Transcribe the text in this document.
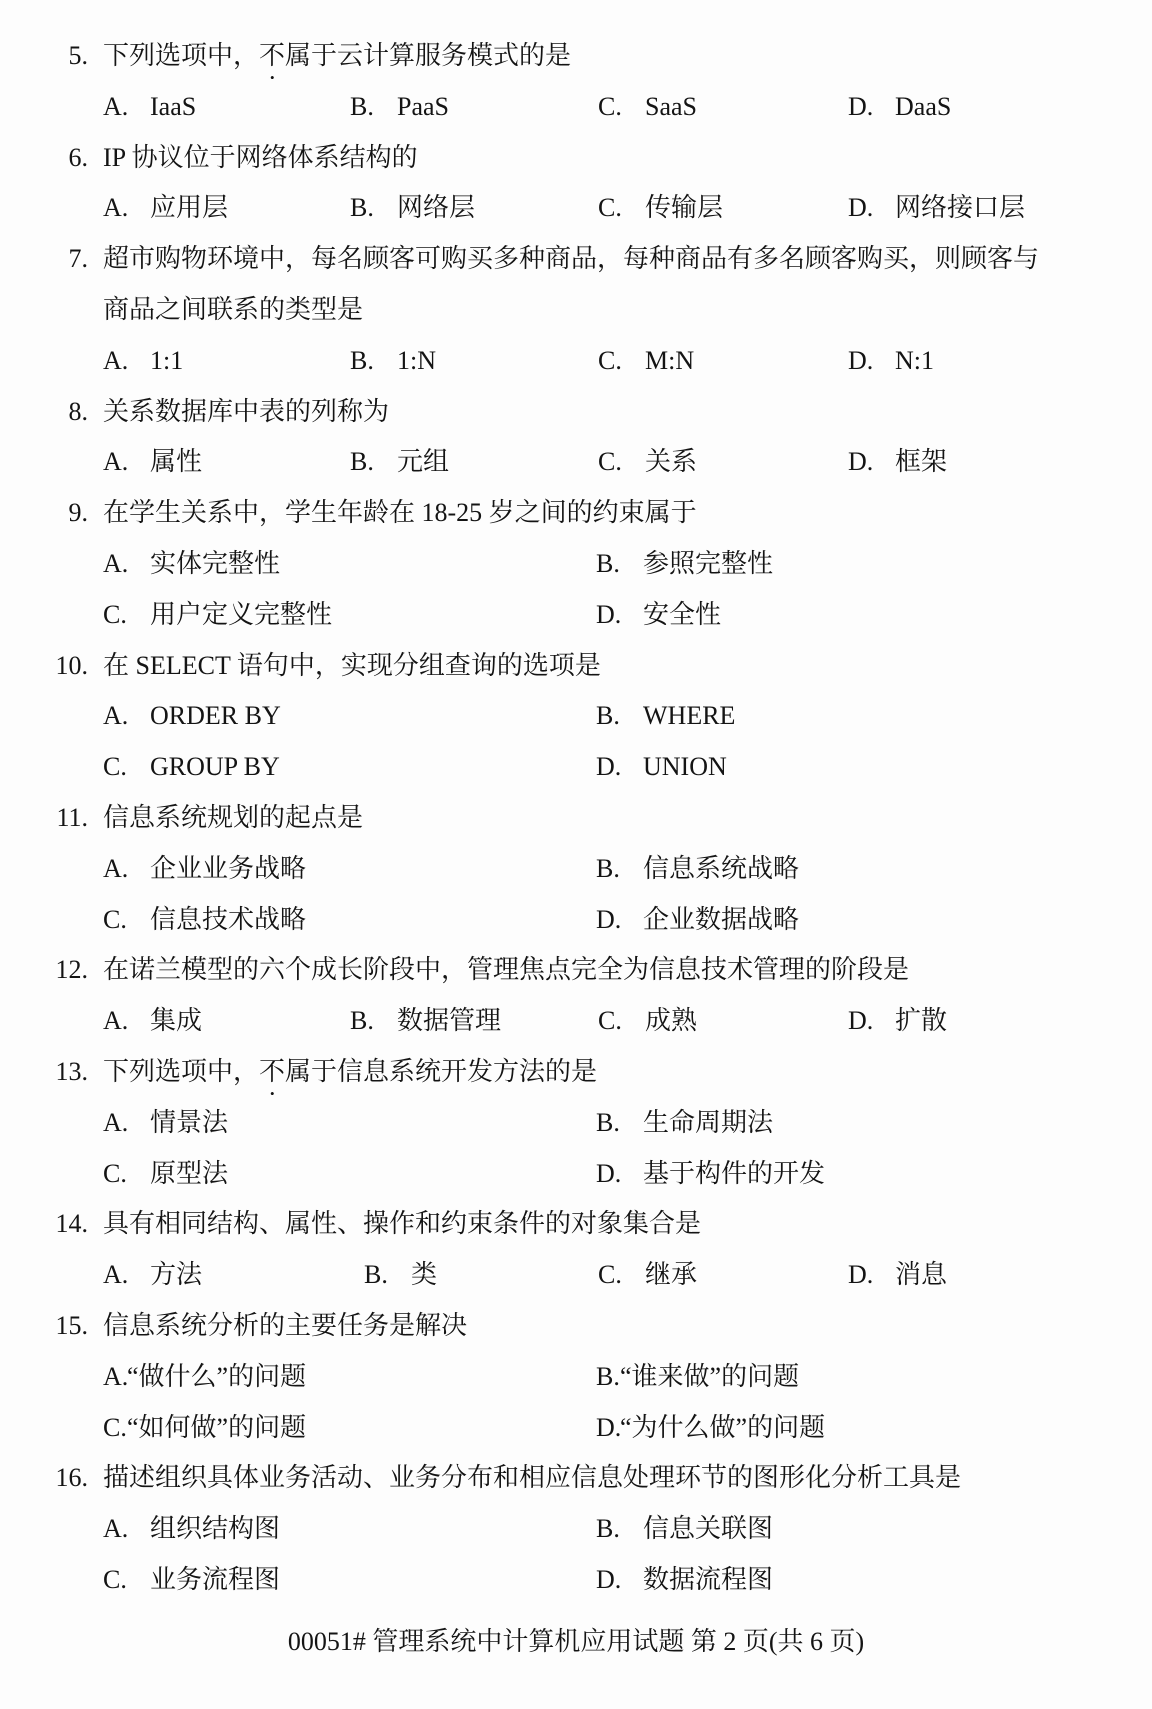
5. 下列选项中，不属于云计算服务模式的是
A. IaaS	B. PaaS	C. SaaS	D. DaaS
6. IP 协议位于网络体系结构的
A. 应用层	B. 网络层	C. 传输层	D. 网络接口层
7. 超市购物环境中，每名顾客可购买多种商品，每种商品有多名顾客购买，则顾客与
商品之间联系的类型是
A. 1:1	B. 1:N	C. M:N	D. N:1
8. 关系数据库中表的列称为
A. 属性	B. 元组	C. 关系	D. 框架
9. 在学生关系中，学生年龄在 18-25 岁之间的约束属于
A. 实体完整性	B. 参照完整性
C. 用户定义完整性	D. 安全性
10. 在 SELECT 语句中，实现分组查询的选项是
A. ORDER BY	B. WHERE
C. GROUP BY	D. UNION
11. 信息系统规划的起点是
A. 企业业务战略	B. 信息系统战略
C. 信息技术战略	D. 企业数据战略
12. 在诺兰模型的六个成长阶段中，管理焦点完全为信息技术管理的阶段是
A. 集成	B. 数据管理	C. 成熟	D. 扩散
13. 下列选项中，不属于信息系统开发方法的是
A. 情景法	B. 生命周期法
C. 原型法	D. 基于构件的开发
14. 具有相同结构、属性、操作和约束条件的对象集合是
A. 方法	B. 类	C. 继承	D. 消息
15. 信息系统分析的主要任务是解决
A.“做什么”的问题	B.“谁来做”的问题
C.“如何做”的问题	D.“为什么做”的问题
16. 描述组织具体业务活动、业务分布和相应信息处理环节的图形化分析工具是
A. 组织结构图	B. 信息关联图
C. 业务流程图	D. 数据流程图
00051# 管理系统中计算机应用试题 第 2 页(共 6 页)
